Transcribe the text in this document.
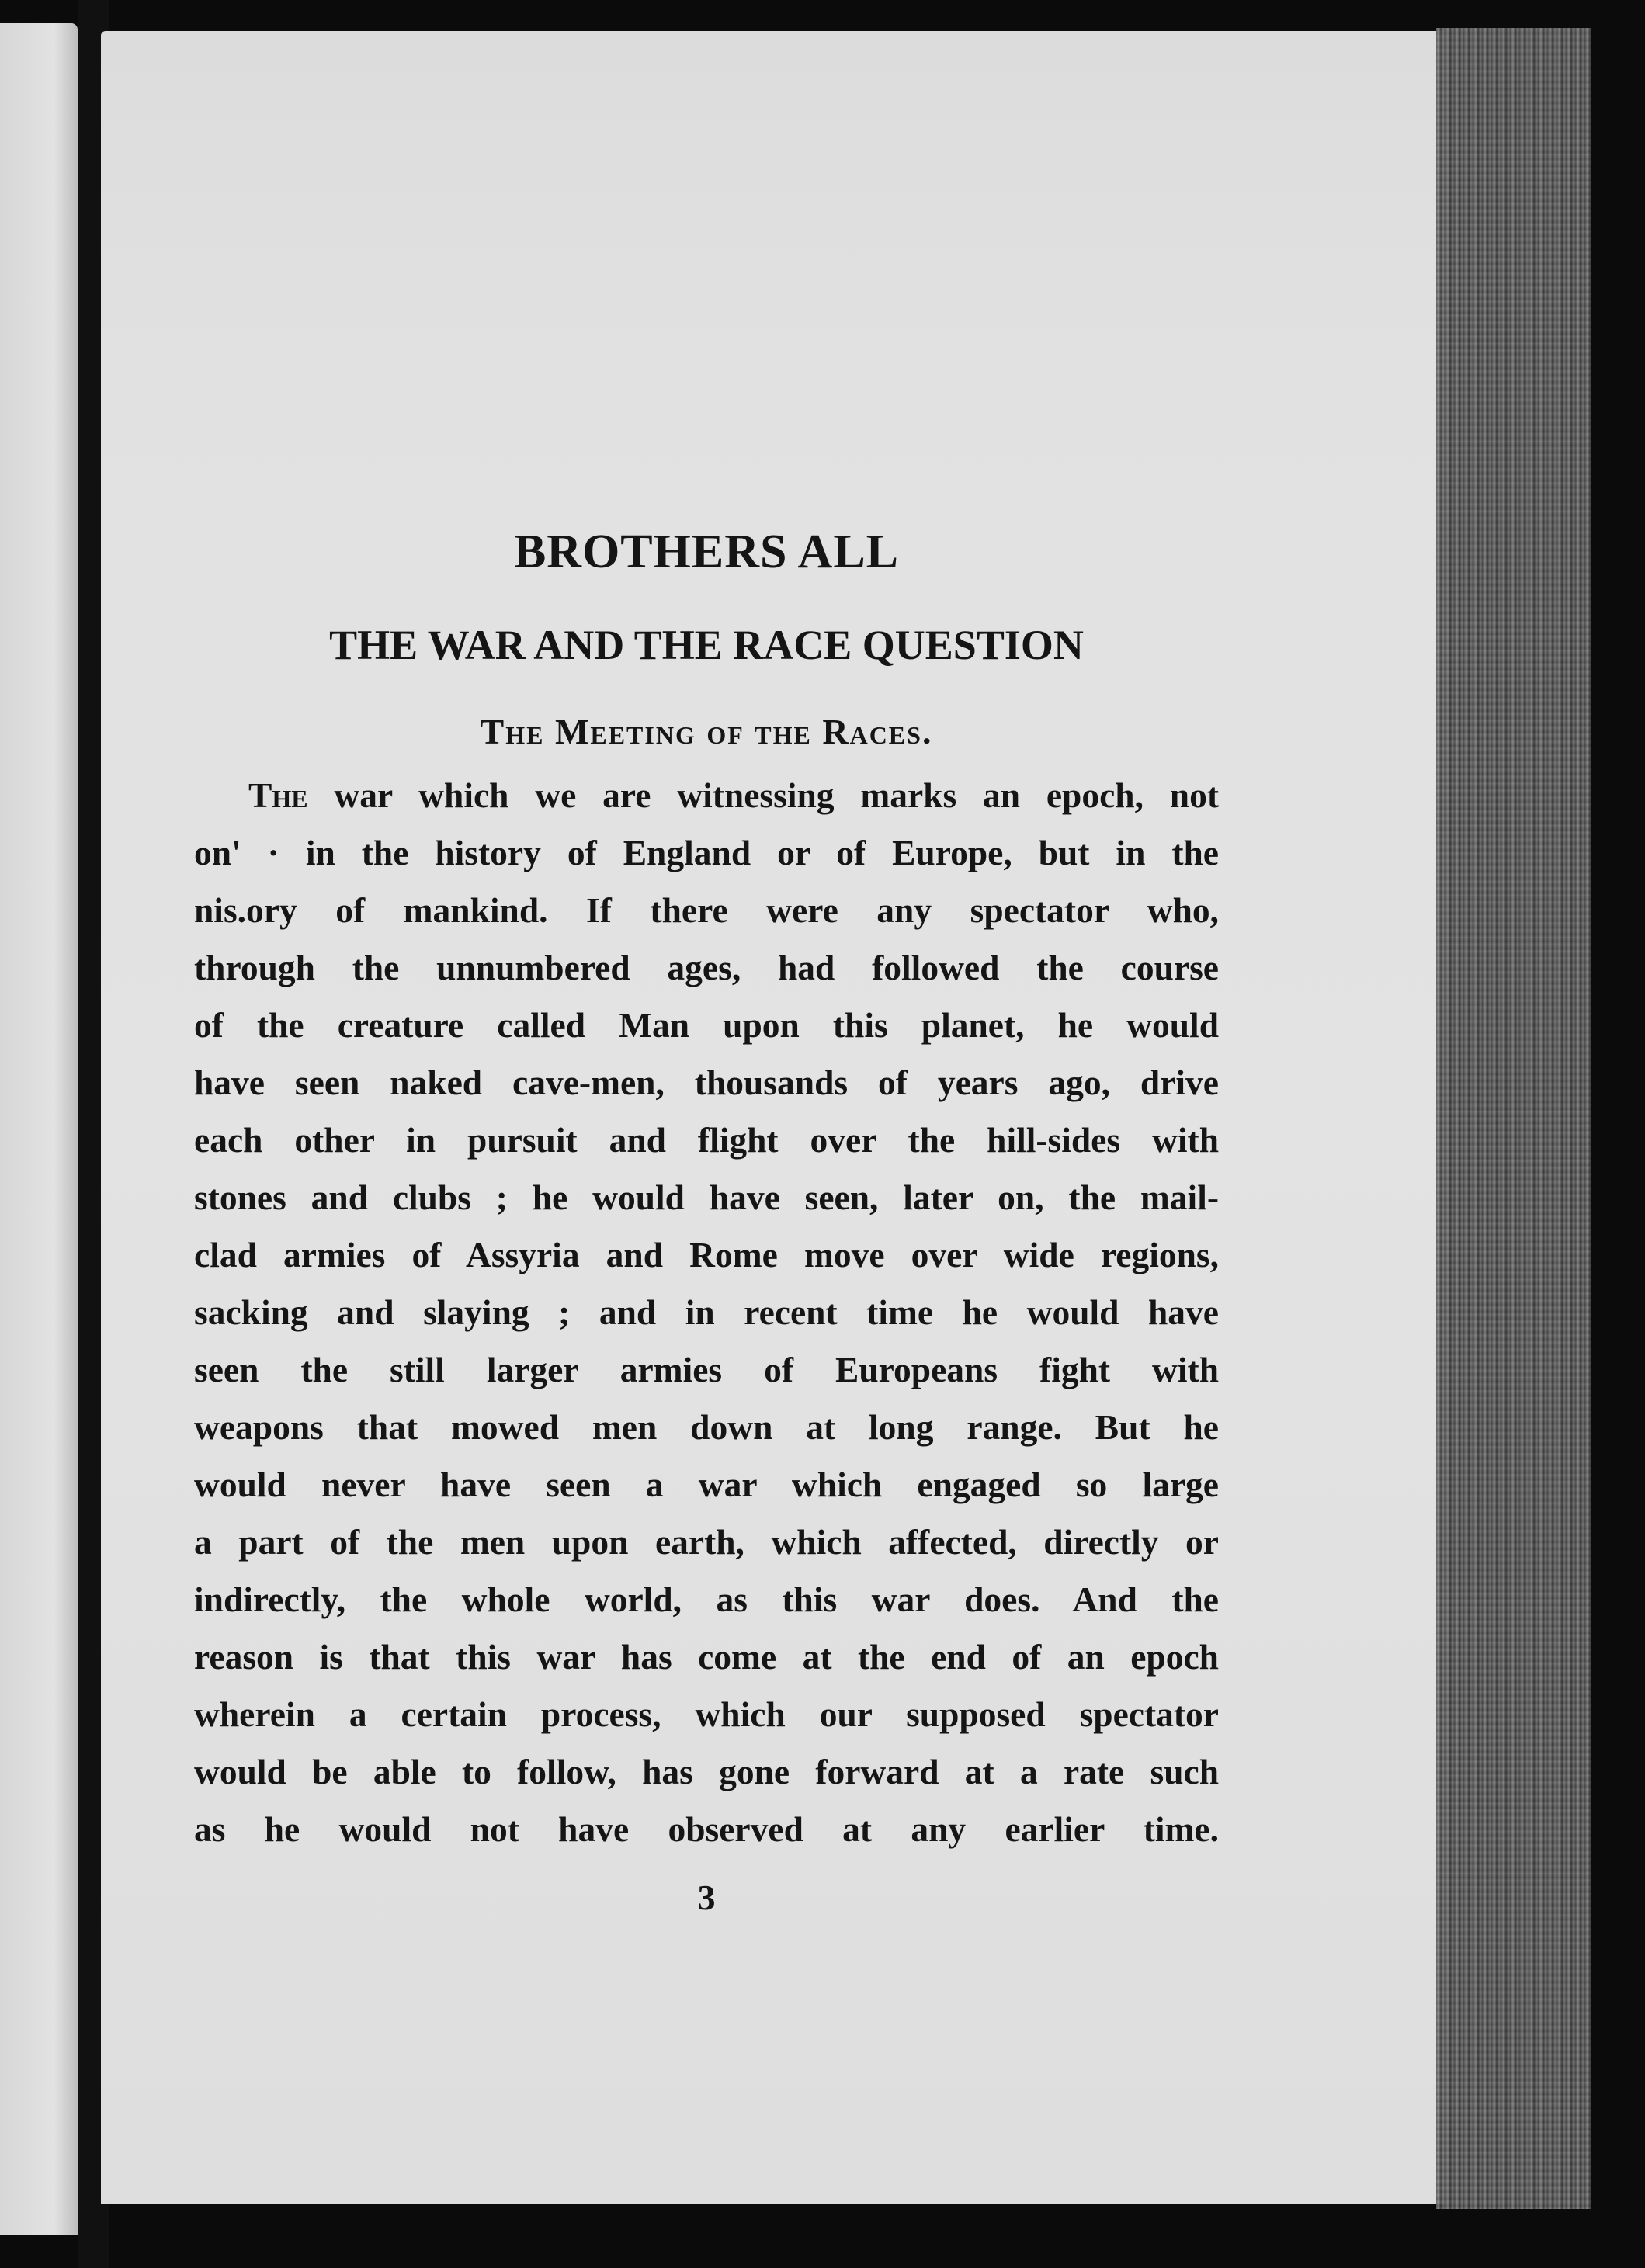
BROTHERS ALL
THE WAR AND THE RACE QUESTION
The Meeting of the Races.
The war which we are witnessing marks an epoch, not
on' · in the history of England or of Europe, but in the
nis.ory of mankind. If there were any spectator who,
through the unnumbered ages, had followed the course
of the creature called Man upon this planet, he would
have seen naked cave-men, thousands of years ago, drive
each other in pursuit and flight over the hill-sides with
stones and clubs ; he would have seen, later on, the mail-
clad armies of Assyria and Rome move over wide regions,
sacking and slaying ; and in recent time he would have
seen the still larger armies of Europeans fight with
weapons that mowed men down at long range. But he
would never have seen a war which engaged so large
a part of the men upon earth, which affected, directly or
indirectly, the whole world, as this war does. And the
reason is that this war has come at the end of an epoch
wherein a certain process, which our supposed spectator
would be able to follow, has gone forward at a rate such
as he would not have observed at any earlier time.
3
